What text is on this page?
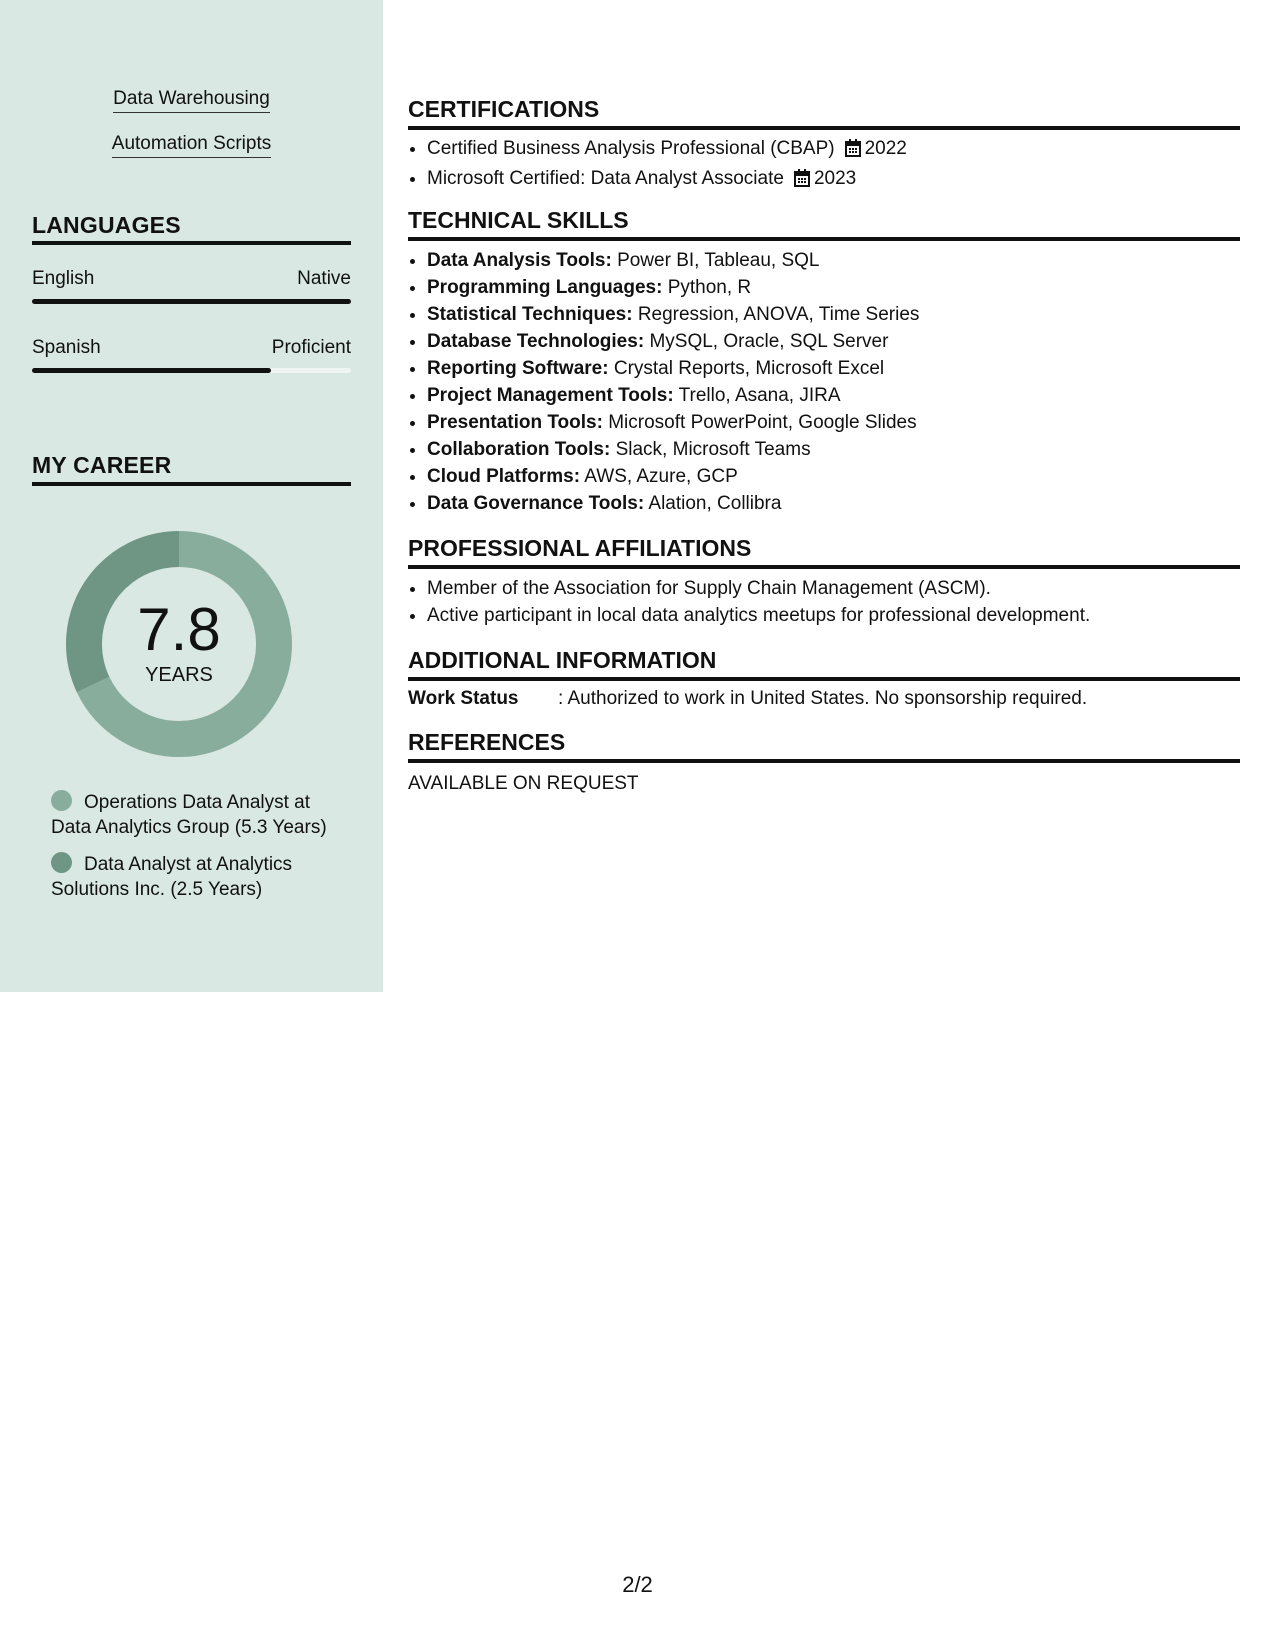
Data Warehousing
Automation Scripts
LANGUAGES
English	Native
Spanish	Proficient
MY CAREER
7.8
YEARS
Operations Data Analyst at Data Analytics Group (5.3 Years)
Data Analyst at Analytics Solutions Inc. (2.5 Years)
CERTIFICATIONS
• Certified Business Analysis Professional (CBAP) 2022
• Microsoft Certified: Data Analyst Associate 2023
TECHNICAL SKILLS
• Data Analysis Tools: Power BI, Tableau, SQL
• Programming Languages: Python, R
• Statistical Techniques: Regression, ANOVA, Time Series
• Database Technologies: MySQL, Oracle, SQL Server
• Reporting Software: Crystal Reports, Microsoft Excel
• Project Management Tools: Trello, Asana, JIRA
• Presentation Tools: Microsoft PowerPoint, Google Slides
• Collaboration Tools: Slack, Microsoft Teams
• Cloud Platforms: AWS, Azure, GCP
• Data Governance Tools: Alation, Collibra
PROFESSIONAL AFFILIATIONS
• Member of the Association for Supply Chain Management (ASCM).
• Active participant in local data analytics meetups for professional development.
ADDITIONAL INFORMATION
Work Status : Authorized to work in United States. No sponsorship required.
REFERENCES
AVAILABLE ON REQUEST
2/2
